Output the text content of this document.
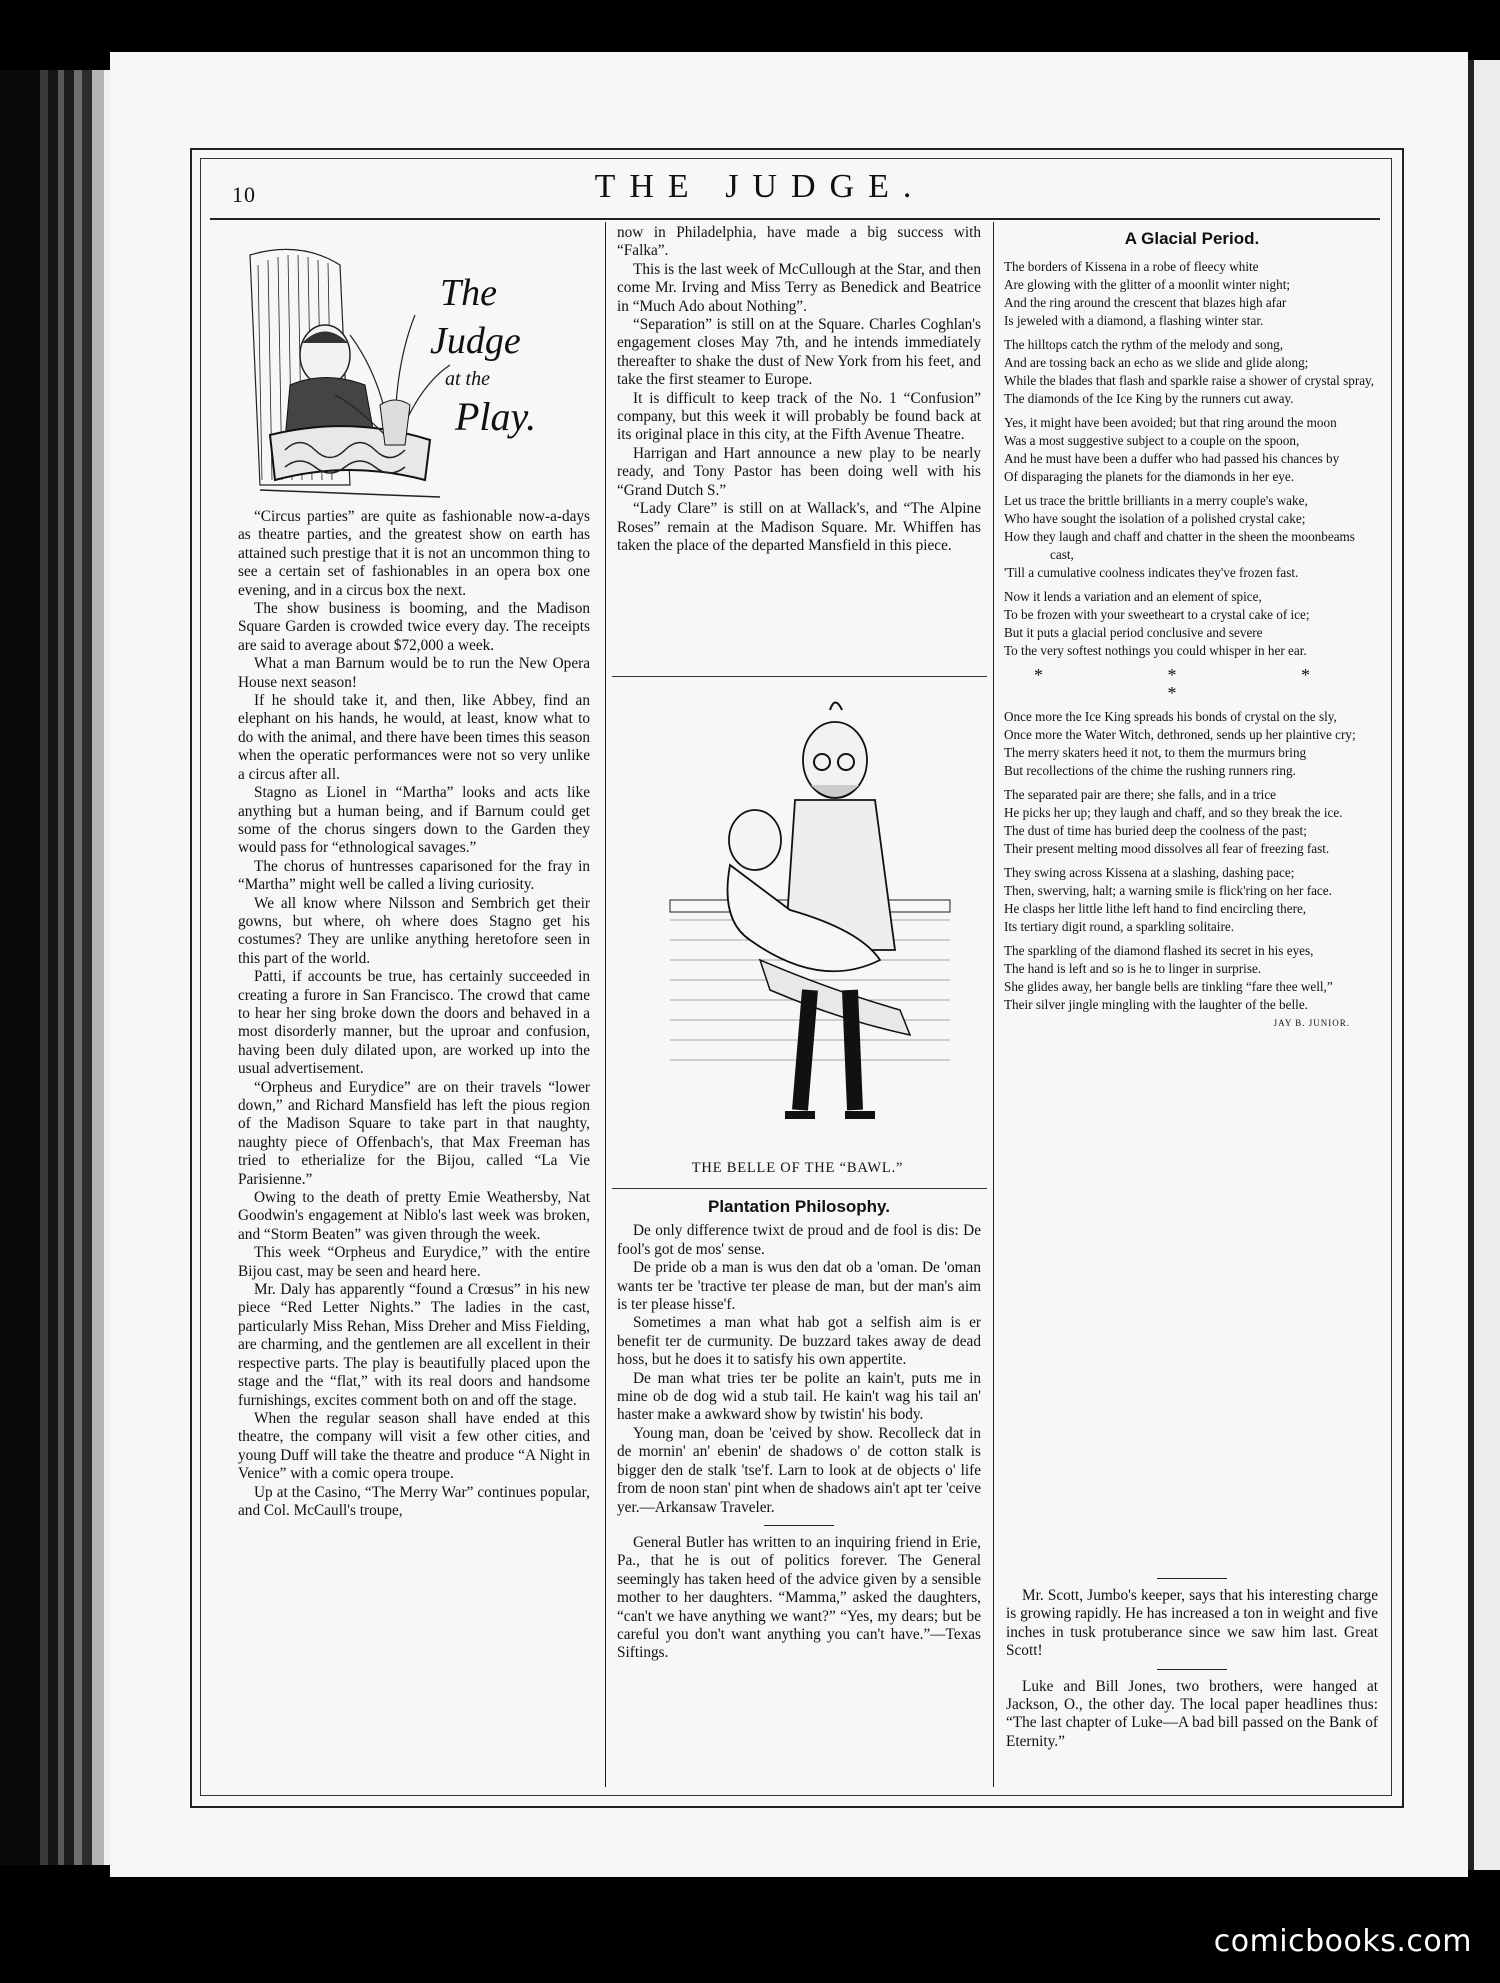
10	THE JUDGE.
The
Judge
at the
Play.

“Circus parties” are quite as fashionable now-a-days as theatre parties, and the greatest show on earth has attained such prestige that it is not an uncommon thing to see a certain set of fashionables in an opera box one evening, and in a circus box the next.

The show business is booming, and the Madison Square Garden is crowded twice every day. The receipts are said to average about $72,000 a week.

What a man Barnum would be to run the New Opera House next season!

If he should take it, and then, like Abbey, find an elephant on his hands, he would, at least, know what to do with the animal, and there have been times this season when the operatic performances were not so very unlike a circus after all.

Stagno as Lionel in “Martha” looks and acts like anything but a human being, and if Barnum could get some of the chorus singers down to the Garden they would pass for “ethnological savages.”

The chorus of huntresses caparisoned for the fray in “Martha” might well be called a living curiosity.

We all know where Nilsson and Sembrich get their gowns, but where, oh where does Stagno get his costumes? They are unlike anything heretofore seen in this part of the world.

Patti, if accounts be true, has certainly succeeded in creating a furore in San Francisco. The crowd that came to hear her sing broke down the doors and behaved in a most disorderly manner, but the uproar and confusion, having been duly dilated upon, are worked up into the usual advertisement.

“Orpheus and Eurydice” are on their travels “lower down,” and Richard Mansfield has left the pious region of the Madison Square to take part in that naughty, naughty piece of Offenbach's, that Max Freeman has tried to etherialize for the Bijou, called “La Vie Parisienne.”

Owing to the death of pretty Emie Weathersby, Nat Goodwin's engagement at Niblo's last week was broken, and “Storm Beaten” was given through the week.

This week “Orpheus and Eurydice,” with the entire Bijou cast, may be seen and heard here.

Mr. Daly has apparently “found a Crœsus” in his new piece “Red Letter Nights.” The ladies in the cast, particularly Miss Rehan, Miss Dreher and Miss Fielding, are charming, and the gentlemen are all excellent in their respective parts. The play is beautifully placed upon the stage and the “flat,” with its real doors and handsome furnishings, excites comment both on and off the stage.

When the regular season shall have ended at this theatre, the company will visit a few other cities, and young Duff will take the theatre and produce “A Night in Venice” with a comic opera troupe.

Up at the Casino, “The Merry War” continues popular, and Col. McCaull's troupe,

now in Philadelphia, have made a big success with “Falka”.

This is the last week of McCullough at the Star, and then come Mr. Irving and Miss Terry as Benedick and Beatrice in “Much Ado about Nothing”.

“Separation” is still on at the Square. Charles Coghlan's engagement closes May 7th, and he intends immediately thereafter to shake the dust of New York from his feet, and take the first steamer to Europe.

It is difficult to keep track of the No. 1 “Confusion” company, but this week it will probably be found back at its original place in this city, at the Fifth Avenue Theatre.

Harrigan and Hart announce a new play to be nearly ready, and Tony Pastor has been doing well with his “Grand Dutch S.”

“Lady Clare” is still on at Wallack's, and “The Alpine Roses” remain at the Madison Square. Mr. Whiffen has taken the place of the departed Mansfield in this piece.

THE BELLE OF THE “BAWL.”
Plantation Philosophy.

De only difference twixt de proud and de fool is dis: De fool's got de mos' sense.

De pride ob a man is wus den dat ob a 'oman. De 'oman wants ter be 'tractive ter please de man, but der man's aim is ter please hisse'f.

Sometimes a man what hab got a selfish aim is er benefit ter de curmunity. De buzzard takes away de dead hoss, but he does it to satisfy his own appertite.

De man what tries ter be polite an kain't, puts me in mine ob de dog wid a stub tail. He kain't wag his tail an' haster make a awkward show by twistin' his body.

Young man, doan be 'ceived by show. Recolleck dat in de mornin' an' ebenin' de shadows o' de cotton stalk is bigger den de stalk 'tse'f. Larn to look at de objects o' life from de noon stan' pint when de shadows ain't apt ter 'ceive yer.—Arkansaw Traveler.

General Butler has written to an inquiring friend in Erie, Pa., that he is out of politics forever. The General seemingly has taken heed of the advice given by a sensible mother to her daughters. “Mamma,” asked the daughters, “can't we have anything we want?” “Yes, my dears; but be careful you don't want anything you can't have.”—Texas Siftings.

A Glacial Period.

The borders of Kissena in a robe of fleecy white

Are glowing with the glitter of a moonlit winter night;

And the ring around the crescent that blazes high afar

Is jeweled with a diamond, a flashing winter star.

The hilltops catch the rythm of the melody and song,

And are tossing back an echo as we slide and glide along;

While the blades that flash and sparkle raise a shower of crystal spray,

The diamonds of the Ice King by the runners cut away.

Yes, it might have been avoided; but that ring around the moon

Was a most suggestive subject to a couple on the spoon,

And he must have been a duffer who had passed his chances by

Of disparaging the planets for the diamonds in her eye.

Let us trace the brittle brilliants in a merry couple's wake,

Who have sought the isolation of a polished crystal cake;

How they laugh and chaff and chatter in the sheen the moonbeams cast,

'Till a cumulative coolness indicates they've frozen fast.

Now it lends a variation and an element of spice,

To be frozen with your sweetheart to a crystal cake of ice;

But it puts a glacial period conclusive and severe

To the very softest nothings you could whisper in her ear.

* * * *

Once more the Ice King spreads his bonds of crystal on the sly,

Once more the Water Witch, dethroned, sends up her plaintive cry;

The merry skaters heed it not, to them the murmurs bring

But recollections of the chime the rushing runners ring.

The separated pair are there; she falls, and in a trice

He picks her up; they laugh and chaff, and so they break the ice.

The dust of time has buried deep the coolness of the past;

Their present melting mood dissolves all fear of freezing fast.

They swing across Kissena at a slashing, dashing pace;

Then, swerving, halt; a warning smile is flick'ring on her face.

He clasps her little lithe left hand to find encircling there,

Its tertiary digit round, a sparkling solitaire.

The sparkling of the diamond flashed its secret in his eyes,

The hand is left and so is he to linger in surprise.

She glides away, her bangle bells are tinkling “fare thee well,”

Their silver jingle mingling with the laughter of the belle.

JAY B. JUNIOR.

Mr. Scott, Jumbo's keeper, says that his interesting charge is growing rapidly. He has increased a ton in weight and five inches in tusk protuberance since we saw him last. Great Scott!

Luke and Bill Jones, two brothers, were hanged at Jackson, O., the other day. The local paper headlines thus: “The last chapter of Luke—A bad bill passed on the Bank of Eternity.”

comicbooks.com
